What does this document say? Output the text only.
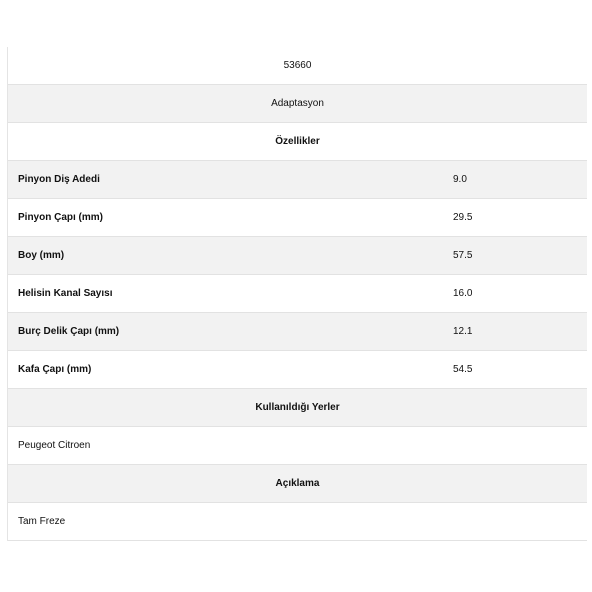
53660
Adaptasyon
Özellikler
Pinyon Diş Adedi	9.0
Pinyon Çapı (mm)	29.5
Boy (mm)	57.5
Helisin Kanal Sayısı	16.0
Burç Delik Çapı (mm)	12.1
Kafa Çapı (mm)	54.5
Kullanıldığı Yerler
Peugeot Citroen
Açıklama
Tam Freze
